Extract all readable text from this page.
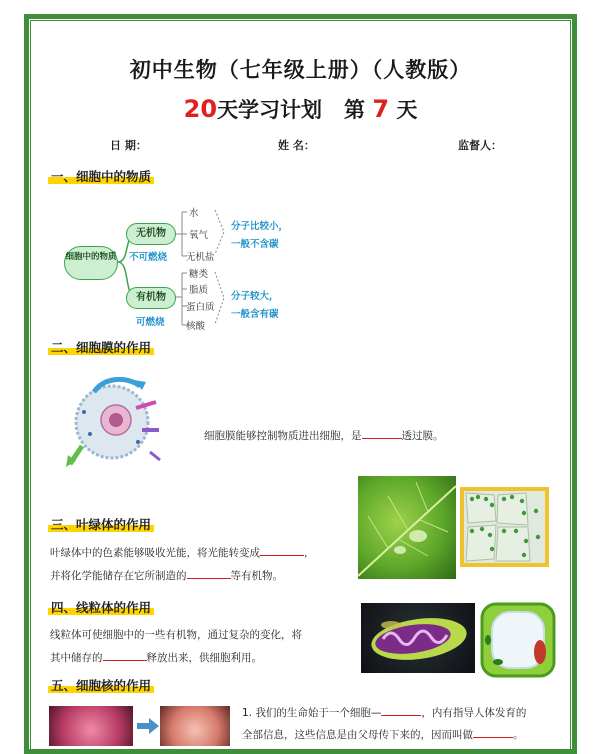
初中生物（七年级上册）（人教版）
20天学习计划 第 7 天
日 期：	姓 名：	监督人：
一、细胞中的物质
细胞中的物质
无机物
不可燃烧
有机物
可燃烧
水
氧气
无机盐
糖类
脂质
蛋白质
核酸
分子比较小，
一般不含碳
分子较大，
一般含有碳
二、细胞膜的作用
细胞膜能够控制物质进出细胞，是	透过膜。
三、叶绿体的作用
叶绿体中的色素能够吸收光能，将光能转变成	，
并将化学能储存在它所制造的	等有机物。
四、线粒体的作用
线粒体可使细胞中的一些有机物，通过复杂的变化，将
其中储存的	释放出来，供细胞利用。
五、细胞核的作用
1. 我们的生命始于一个细胞—	，内有指导人体发育的
全部信息，这些信息是由父母传下来的，因而叫做	。
